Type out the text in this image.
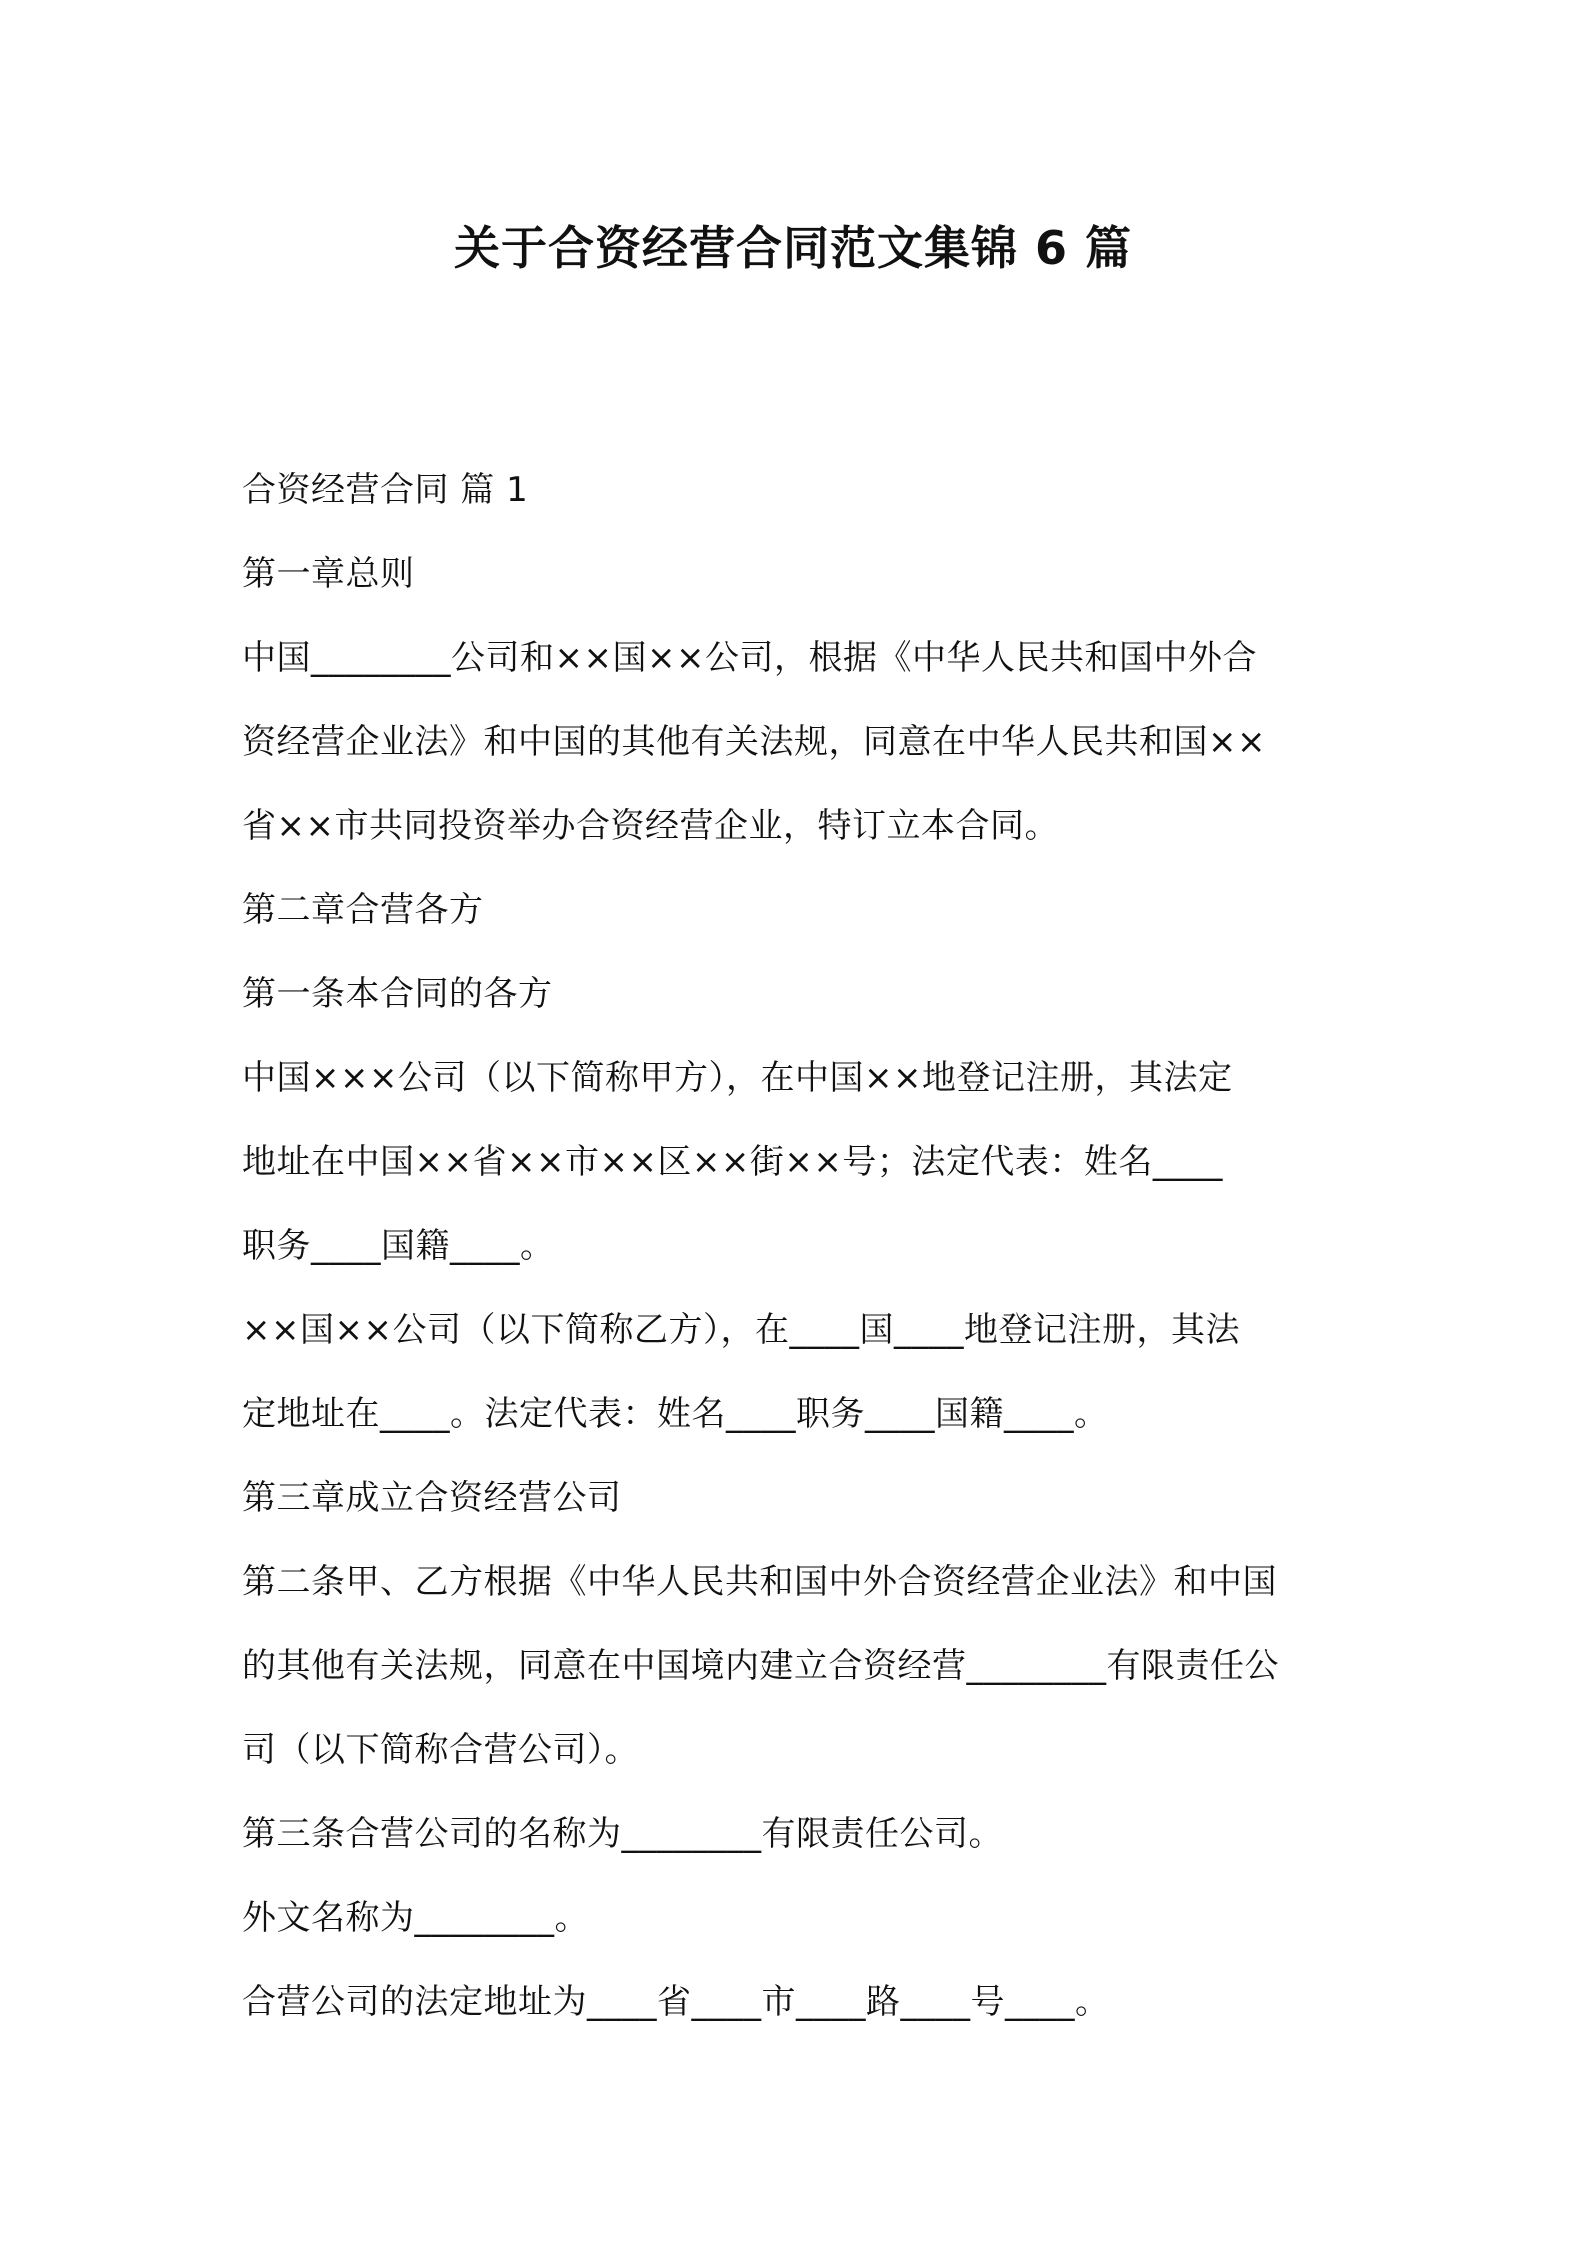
关于合资经营合同范文集锦 6 篇
合资经营合同 篇 1
第一章总则
中国________公司和××国××公司，根据《中华人民共和国中外合
资经营企业法》和中国的其他有关法规，同意在中华人民共和国××
省××市共同投资举办合资经营企业，特订立本合同。
第二章合营各方
第一条本合同的各方
中国×××公司（以下简称甲方），在中国××地登记注册，其法定
地址在中国××省××市××区××街××号；法定代表：姓名____
职务____国籍____。
××国××公司（以下简称乙方），在____国____地登记注册，其法
定地址在____。法定代表：姓名____职务____国籍____。
第三章成立合资经营公司
第二条甲、乙方根据《中华人民共和国中外合资经营企业法》和中国
的其他有关法规，同意在中国境内建立合资经营________有限责任公
司（以下简称合营公司）。
第三条合营公司的名称为________有限责任公司。
外文名称为________。
合营公司的法定地址为____省____市____路____号____。
